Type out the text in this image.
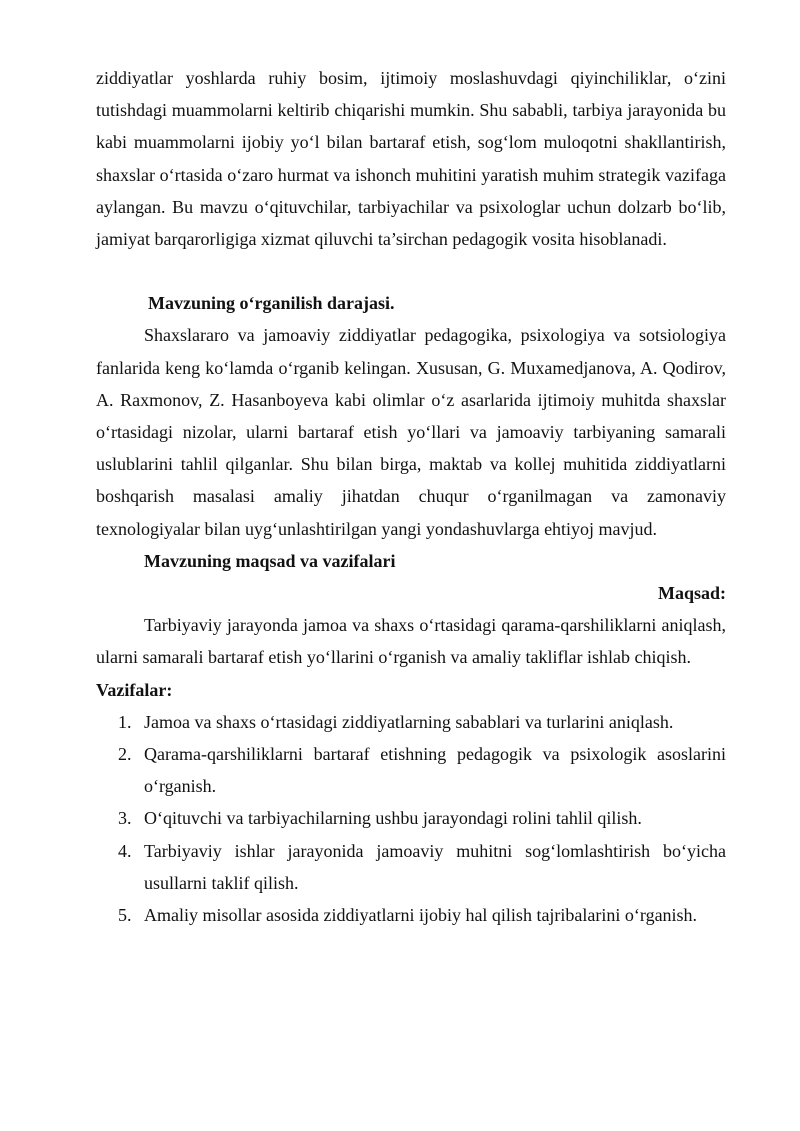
ziddiyatlar yoshlarda ruhiy bosim, ijtimoiy moslashuvdagi qiyinchiliklar, o‘zini tutishdagi muammolarni keltirib chiqarishi mumkin. Shu sababli, tarbiya jarayonida bu kabi muammolarni ijobiy yo‘l bilan bartaraf etish, sog‘lom muloqotni shakllantirish, shaxslar o‘rtasida o‘zaro hurmat va ishonch muhitini yaratish muhim strategik vazifaga aylangan. Bu mavzu o‘qituvchilar, tarbiyachilar va psixologlar uchun dolzarb bo‘lib, jamiyat barqarorligiga xizmat qiluvchi ta’sirchan pedagogik vosita hisoblanadi.

Mavzuning o‘rganilish darajasi.

Shaxslararo va jamoaviy ziddiyatlar pedagogika, psixologiya va sotsiologiya fanlarida keng ko‘lamda o‘rganib kelingan. Xususan, G. Muxamedjanova, A. Qodirov, A. Raxmonov, Z. Hasanboyeva kabi olimlar o‘z asarlarida ijtimoiy muhitda shaxslar o‘rtasidagi nizolar, ularni bartaraf etish yo‘llari va jamoaviy tarbiyaning samarali uslublarini tahlil qilganlar. Shu bilan birga, maktab va kollej muhitida ziddiyatlarni boshqarish masalasi amaliy jihatdan chuqur o‘rganilmagan va zamonaviy texnologiyalar bilan uyg‘unlashtirilgan yangi yondashuvlarga ehtiyoj mavjud.

Mavzuning maqsad va vazifalari

Maqsad:

Tarbiyaviy jarayonda jamoa va shaxs o‘rtasidagi qarama-qarshiliklarni aniqlash, ularni samarali bartaraf etish yo‘llarini o‘rganish va amaliy takliflar ishlab chiqish.

Vazifalar:

1. Jamoa va shaxs o‘rtasidagi ziddiyatlarning sabablari va turlarini aniqlash.
2. Qarama-qarshiliklarni bartaraf etishning pedagogik va psixologik asoslarini o‘rganish.
3. O‘qituvchi va tarbiyachilarning ushbu jarayondagi rolini tahlil qilish.
4. Tarbiyaviy ishlar jarayonida jamoaviy muhitni sog‘lomlashtirish bo‘yicha usullarni taklif qilish.
5. Amaliy misollar asosida ziddiyatlarni ijobiy hal qilish tajribalarini o‘rganish.
